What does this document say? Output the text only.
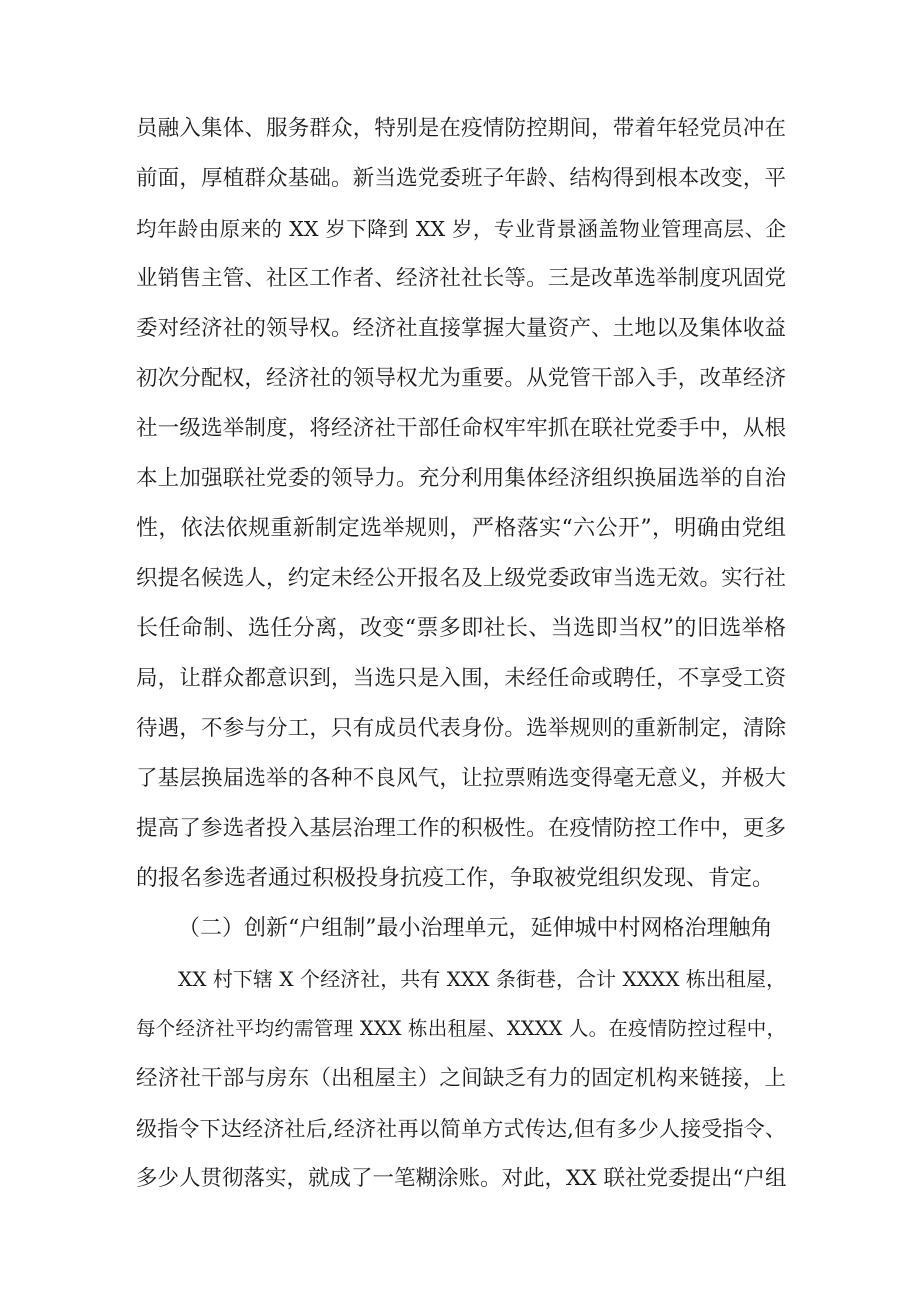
员融入集体、服务群众，特别是在疫情防控期间，带着年轻党员冲在
前面，厚植群众基础。新当选党委班子年龄、结构得到根本改变，平
均年龄由原来的 XX 岁下降到 XX 岁，专业背景涵盖物业管理高层、企
业销售主管、社区工作者、经济社社长等。三是改革选举制度巩固党
委对经济社的领导权。经济社直接掌握大量资产、土地以及集体收益
初次分配权，经济社的领导权尤为重要。从党管干部入手，改革经济
社一级选举制度，将经济社干部任命权牢牢抓在联社党委手中，从根
本上加强联社党委的领导力。充分利用集体经济组织换届选举的自治
性，依法依规重新制定选举规则，严格落实“六公开”，明确由党组
织提名候选人，约定未经公开报名及上级党委政审当选无效。实行社
长任命制、选任分离，改变“票多即社长、当选即当权”的旧选举格
局，让群众都意识到，当选只是入围，未经任命或聘任，不享受工资
待遇，不参与分工，只有成员代表身份。选举规则的重新制定，清除
了基层换届选举的各种不良风气，让拉票贿选变得毫无意义，并极大
提高了参选者投入基层治理工作的积极性。在疫情防控工作中，更多
的报名参选者通过积极投身抗疫工作，争取被党组织发现、肯定。
（二）创新“户组制”最小治理单元，延伸城中村网格治理触角
XX 村下辖 X 个经济社，共有 XXX 条街巷，合计 XXXX 栋出租屋，
每个经济社平均约需管理 XXX 栋出租屋、XXXX 人。在疫情防控过程中，
经济社干部与房东（出租屋主）之间缺乏有力的固定机构来链接，上
级指令下达经济社后,经济社再以简单方式传达,但有多少人接受指令、
多少人贯彻落实，就成了一笔糊涂账。对此，XX 联社党委提出“户组
